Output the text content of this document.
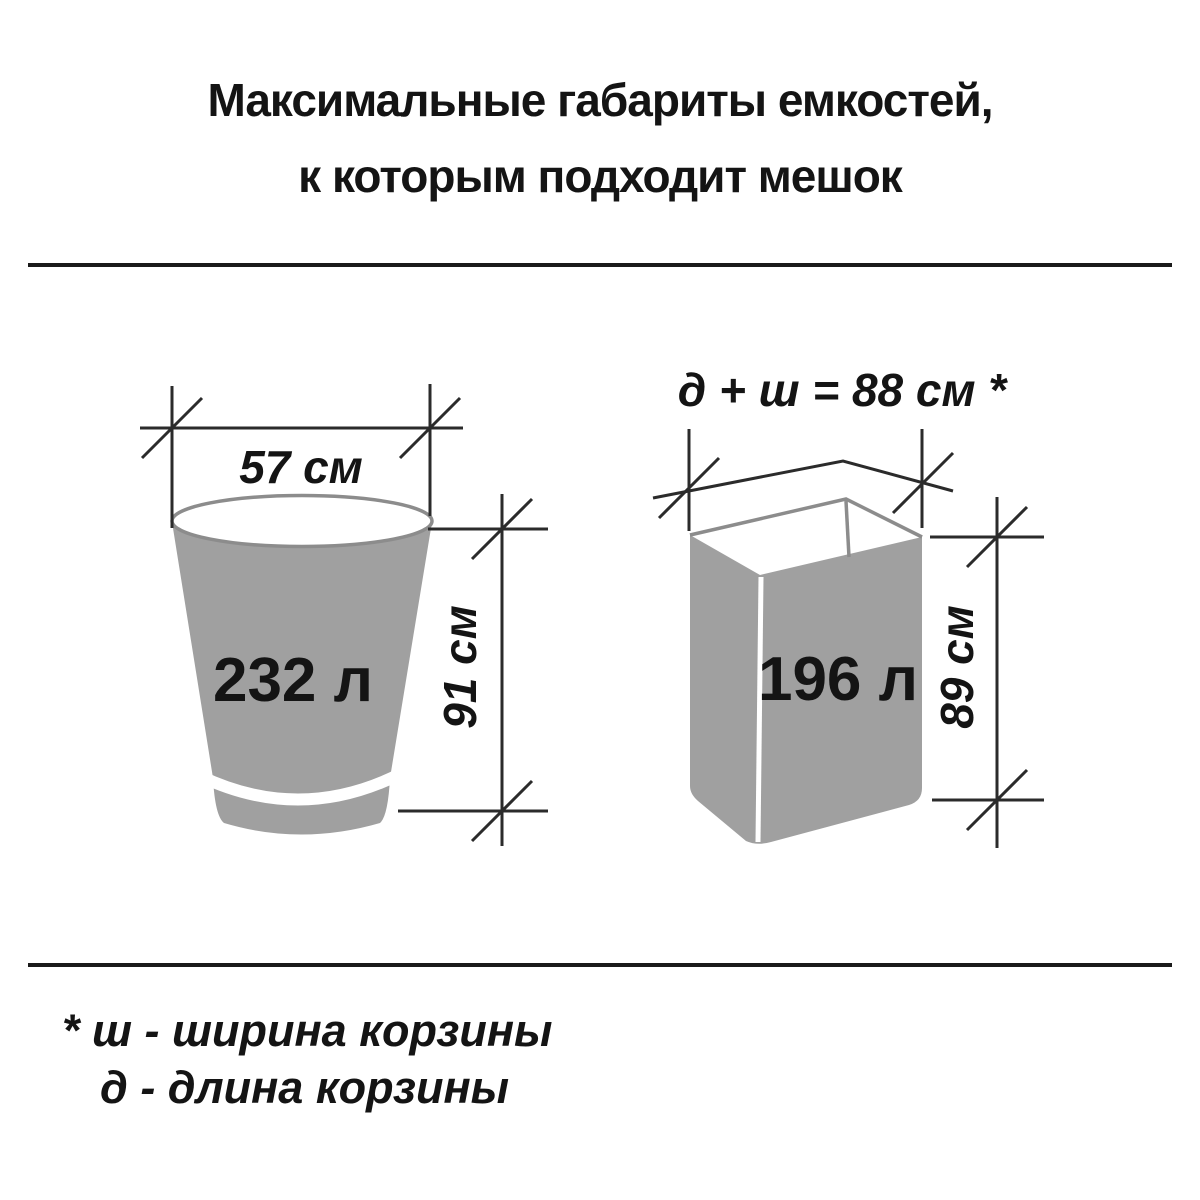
Максимальные габариты емкостей,
к которым подходит мешок
232 л
57 см
91 см	196 л
д + ш = 88 см *
89 см
* ш - ширина корзины
д - длина корзины
